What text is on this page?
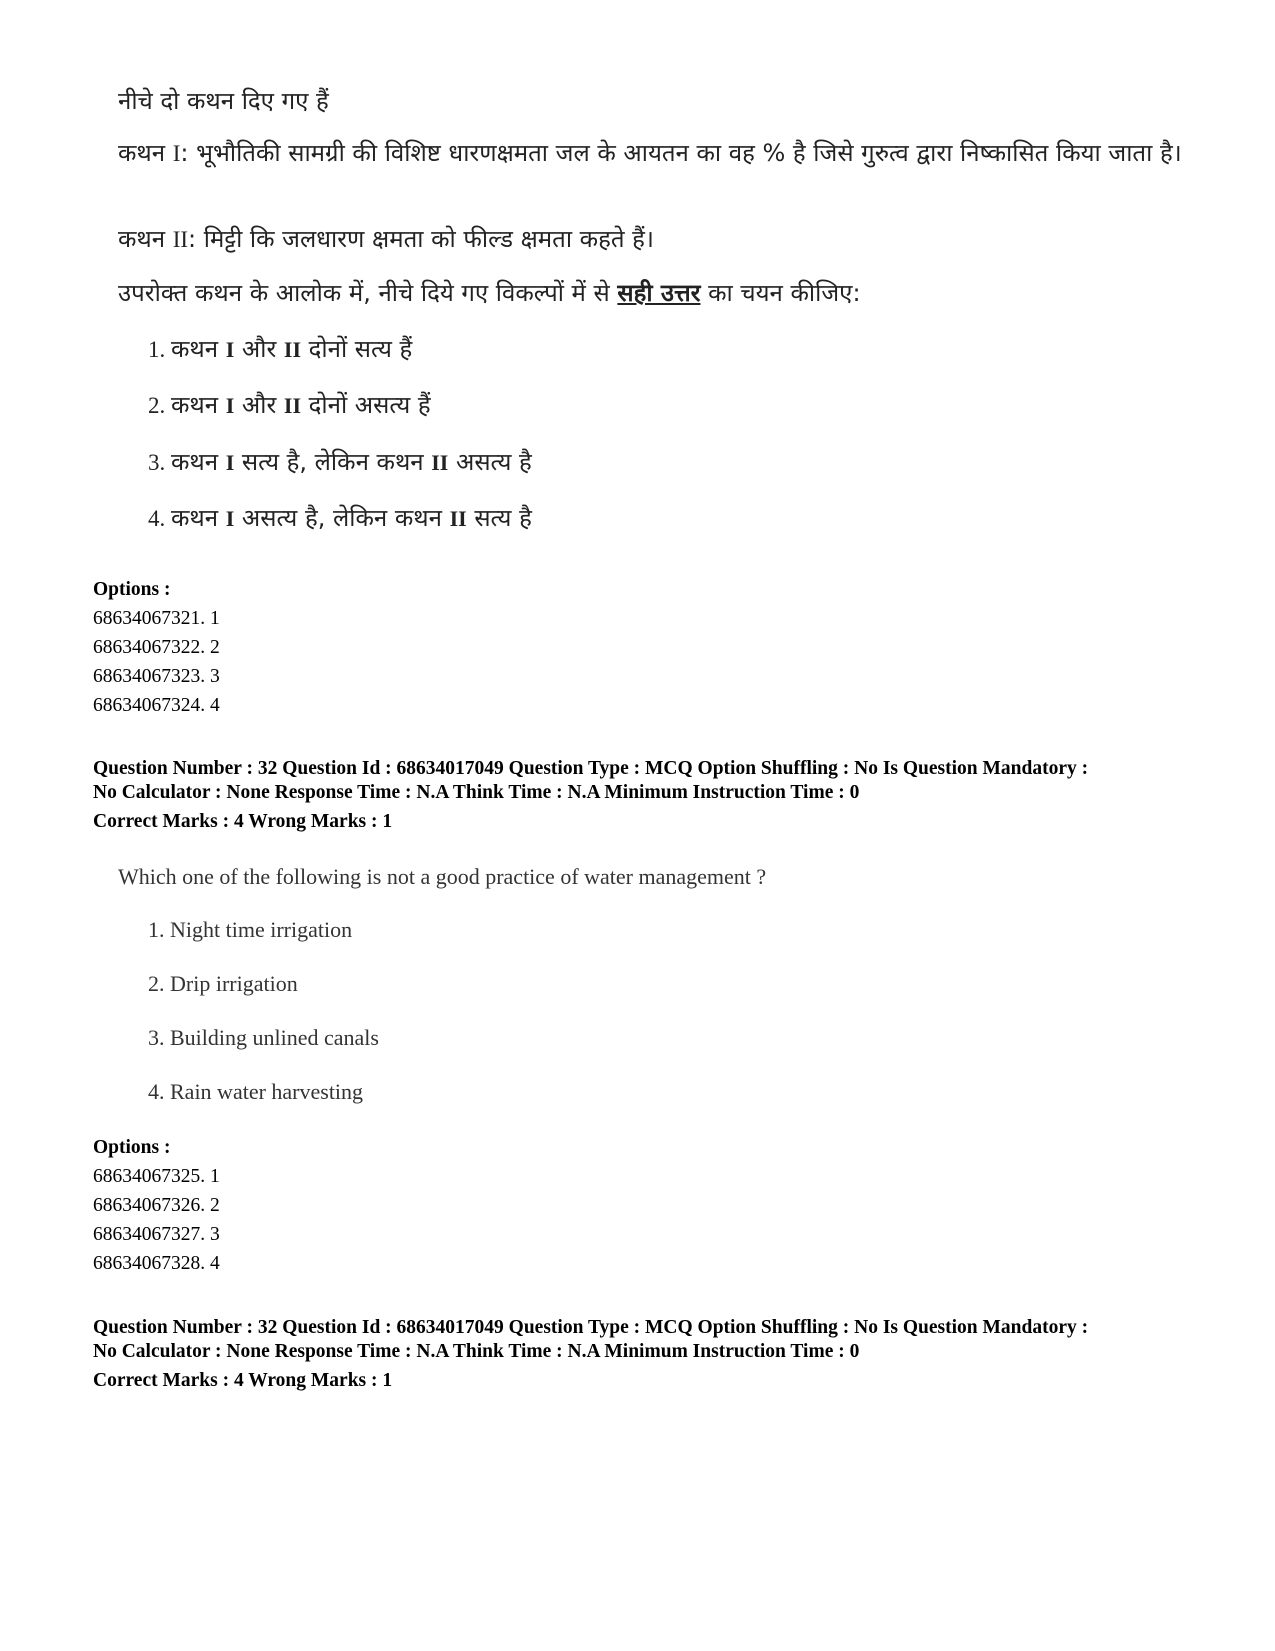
नीचे दो कथन दिए गए हैं
कथन I: भूभौतिकी सामग्री की विशिष्ट धारणक्षमता जल के आयतन का वह % है जिसे गुरुत्व द्वारा निष्कासित किया जाता है।
कथन II: मिट्टी कि जलधारण क्षमता को फील्ड क्षमता कहते हैं।
उपरोक्त कथन के आलोक में, नीचे दिये गए विकल्पों में से सही उत्तर का चयन कीजिए:
1. कथन I और II दोनों सत्य हैं
2. कथन I और II दोनों असत्य हैं
3. कथन I सत्य है, लेकिन कथन II असत्य है
4. कथन I असत्य है, लेकिन कथन II सत्य है
Options :
68634067321. 1
68634067322. 2
68634067323. 3
68634067324. 4
Question Number : 32 Question Id : 68634017049 Question Type : MCQ Option Shuffling : No Is Question Mandatory :
No Calculator : None Response Time : N.A Think Time : N.A Minimum Instruction Time : 0
Correct Marks : 4 Wrong Marks : 1
Which one of the following is not a good practice of water management ?
1. Night time irrigation
2. Drip irrigation
3. Building unlined canals
4. Rain water harvesting
Options :
68634067325. 1
68634067326. 2
68634067327. 3
68634067328. 4
Question Number : 32 Question Id : 68634017049 Question Type : MCQ Option Shuffling : No Is Question Mandatory :
No Calculator : None Response Time : N.A Think Time : N.A Minimum Instruction Time : 0
Correct Marks : 4 Wrong Marks : 1
